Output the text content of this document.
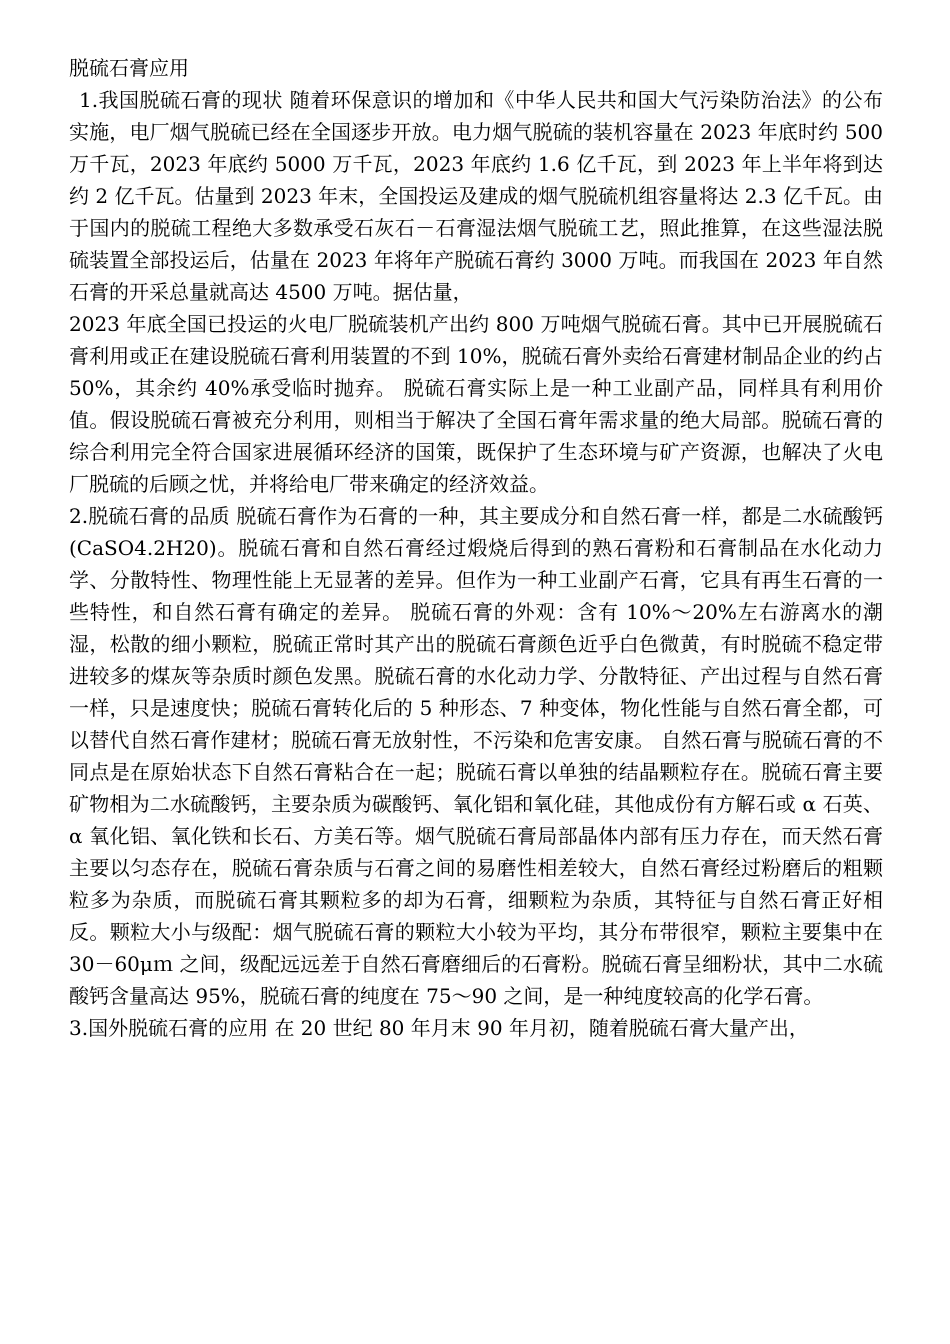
脱硫石膏应用

1.我国脱硫石膏的现状 随着环保意识的增加和《中华人民共和国大气污染防治法》的公布实施，电厂烟气脱硫已经在全国逐步开放。电力烟气脱硫的装机容量在 2023 年底时约 500 万千瓦，2023 年底约 5000 万千瓦，2023 年底约 1.6 亿千瓦，到 2023 年上半年将到达约 2 亿千瓦。估量到 2023 年末，全国投运及建成的烟气脱硫机组容量将达 2.3 亿千瓦。由于国内的脱硫工程绝大多数承受石灰石－石膏湿法烟气脱硫工艺，照此推算，在这些湿法脱硫装置全部投运后，估量在 2023 年将年产脱硫石膏约 3000 万吨。而我国在 2023 年自然石膏的开采总量就高达 4500 万吨。据估量，

2023 年底全国已投运的火电厂脱硫装机产出约 800 万吨烟气脱硫石膏。其中已开展脱硫石膏利用或正在建设脱硫石膏利用装置的不到 10%，脱硫石膏外卖给石膏建材制品企业的约占 50%，其余约 40%承受临时抛弃。 脱硫石膏实际上是一种工业副产品，同样具有利用价值。假设脱硫石膏被充分利用，则相当于解决了全国石膏年需求量的绝大局部。脱硫石膏的综合利用完全符合国家进展循环经济的国策，既保护了生态环境与矿产资源，也解决了火电厂脱硫的后顾之忧，并将给电厂带来确定的经济效益。

2.脱硫石膏的品质 脱硫石膏作为石膏的一种，其主要成分和自然石膏一样，都是二水硫酸钙(CaSO4.2H20)。脱硫石膏和自然石膏经过煅烧后得到的熟石膏粉和石膏制品在水化动力学、分散特性、物理性能上无显著的差异。但作为一种工业副产石膏，它具有再生石膏的一些特性，和自然石膏有确定的差异。 脱硫石膏的外观：含有 10%～20%左右游离水的潮湿，松散的细小颗粒，脱硫正常时其产出的脱硫石膏颜色近乎白色微黄，有时脱硫不稳定带进较多的煤灰等杂质时颜色发黑。脱硫石膏的水化动力学、分散特征、产出过程与自然石膏一样，只是速度快；脱硫石膏转化后的 5 种形态、7 种变体，物化性能与自然石膏全都，可以替代自然石膏作建材；脱硫石膏无放射性，不污染和危害安康。 自然石膏与脱硫石膏的不同点是在原始状态下自然石膏粘合在一起；脱硫石膏以单独的结晶颗粒存在。脱硫石膏主要矿物相为二水硫酸钙，主要杂质为碳酸钙、氧化铝和氧化硅，其他成份有方解石或 α 石英、α 氧化铝、氧化铁和长石、方美石等。烟气脱硫石膏局部晶体内部有压力存在，而天然石膏主要以匀态存在，脱硫石膏杂质与石膏之间的易磨性相差较大，自然石膏经过粉磨后的粗颗粒多为杂质，而脱硫石膏其颗粒多的却为石膏，细颗粒为杂质，其特征与自然石膏正好相反。颗粒大小与级配：烟气脱硫石膏的颗粒大小较为平均，其分布带很窄，颗粒主要集中在 30－60μｍ 之间，级配远远差于自然石膏磨细后的石膏粉。脱硫石膏呈细粉状，其中二水硫酸钙含量高达 95%，脱硫石膏的纯度在 75～90 之间，是一种纯度较高的化学石膏。

3.国外脱硫石膏的应用 在 20 世纪 80 年月末 90 年月初，随着脱硫石膏大量产出，
